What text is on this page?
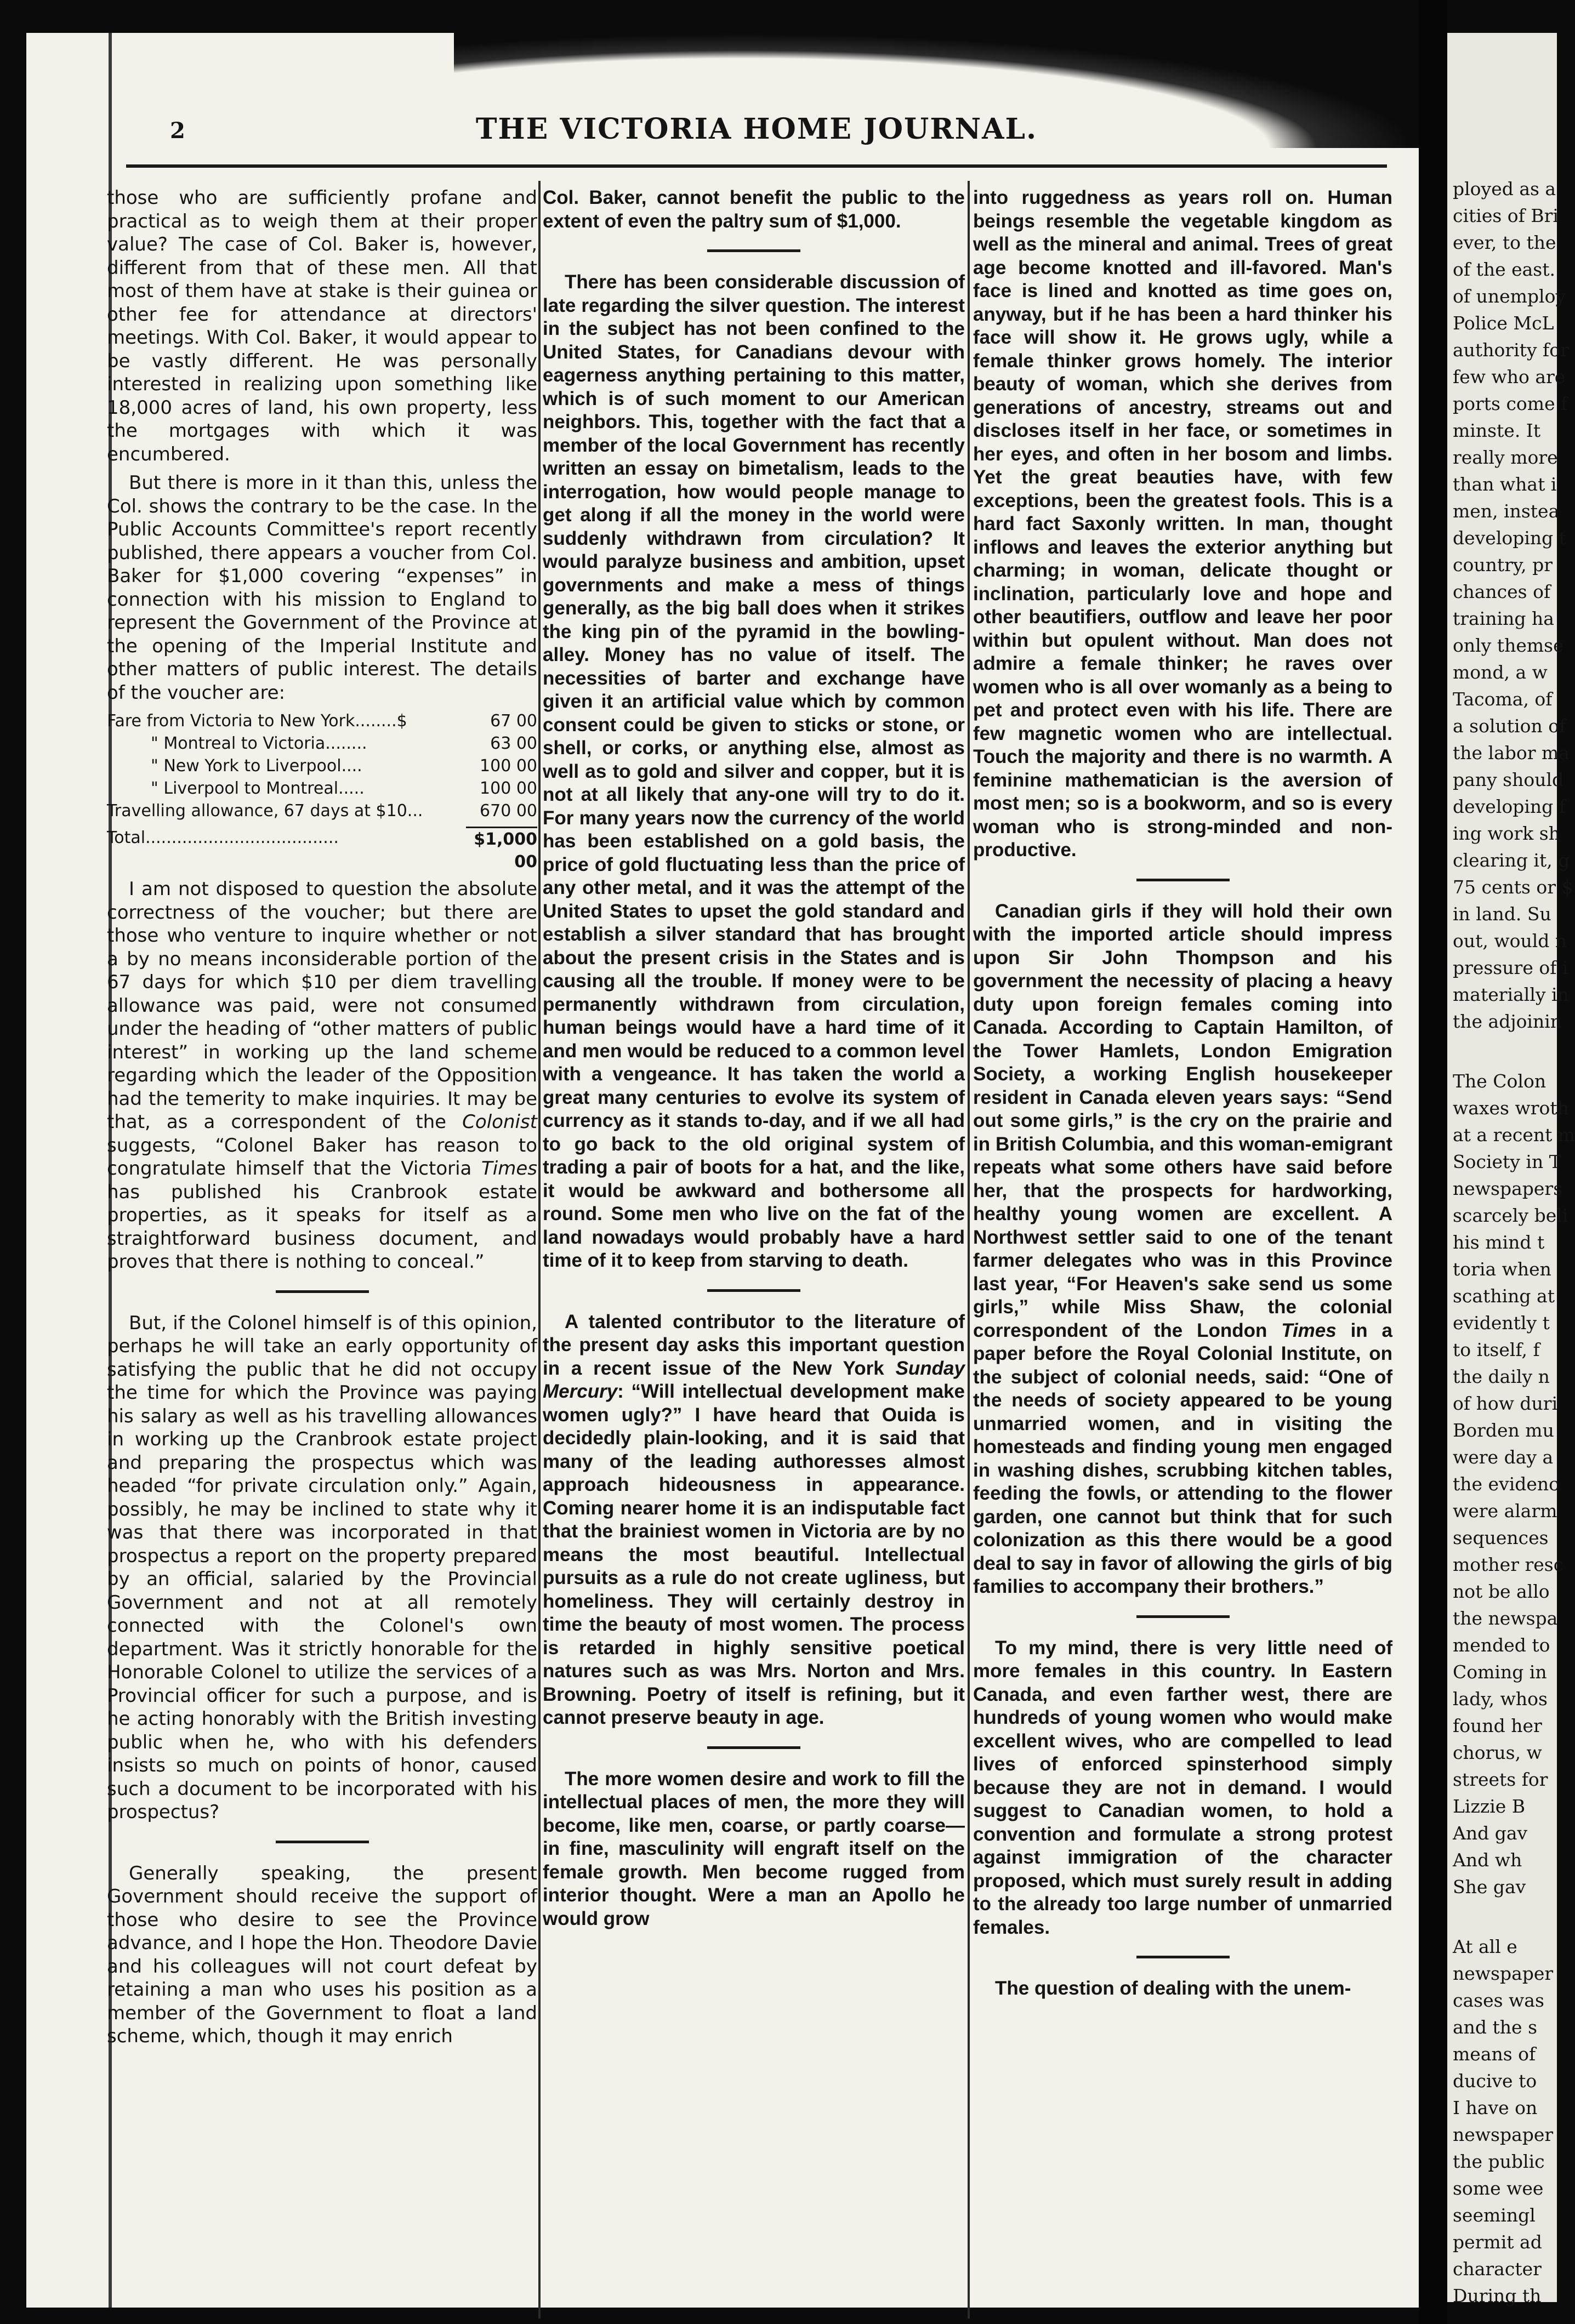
2	THE VICTORIA HOME JOURNAL.

those who are sufficiently profane and practical as to weigh them at their proper value? The case of Col. Baker is, however, different from that of these men. All that most of them have at stake is their guinea or other fee for attendance at directors' meetings. With Col. Baker, it would appear to be vastly different. He was personally interested in realizing upon something like 18,000 acres of land, his own property, less the mortgages with which it was encumbered.

But there is more in it than this, unless the Col. shows the contrary to be the case. In the Public Accounts Committee's report recently published, there appears a voucher from Col. Baker for $1,000 covering “expenses” in connection with his mission to England to represent the Government of the Province at the opening of the Imperial Institute and other matters of public interest. The details of the voucher are:

Fare from Victoria to New York........$	67 00
" Montreal to Victoria........	63 00
" New York to Liverpool....	100 00
" Liverpool to Montreal.....	100 00
Travelling allowance, 67 days at $10...	670 00
Total.....................................	$1,000 00

I am not disposed to question the absolute correctness of the voucher; but there are those who venture to inquire whether or not a by no means inconsiderable portion of the 67 days for which $10 per diem travelling allowance was paid, were not consumed under the heading of “other matters of public interest” in working up the land scheme regarding which the leader of the Opposition had the temerity to make inquiries. It may be that, as a correspondent of the Colonist suggests, “Colonel Baker has reason to congratulate himself that the Victoria Times has published his Cranbrook estate properties, as it speaks for itself as a straightforward business document, and proves that there is nothing to conceal.”

But, if the Colonel himself is of this opinion, perhaps he will take an early opportunity of satisfying the public that he did not occupy the time for which the Province was paying his salary as well as his travelling allowances in working up the Cranbrook estate project and preparing the prospectus which was headed “for private circulation only.” Again, possibly, he may be inclined to state why it was that there was incorporated in that prospectus a report on the property prepared by an official, salaried by the Provincial Government and not at all remotely connected with the Colonel's own department. Was it strictly honorable for the Honorable Colonel to utilize the services of a Provincial officer for such a purpose, and is he acting honorably with the British investing public when he, who with his defenders insists so much on points of honor, caused such a document to be incorporated with his prospectus?

Generally speaking, the present Government should receive the support of those who desire to see the Province advance, and I hope the Hon. Theodore Davie and his colleagues will not court defeat by retaining a man who uses his position as a member of the Government to float a land scheme, which, though it may enrich

Col. Baker, cannot benefit the public to the extent of even the paltry sum of $1,000.

There has been considerable discussion of late regarding the silver question. The interest in the subject has not been confined to the United States, for Canadians devour with eagerness anything pertaining to this matter, which is of such moment to our American neighbors. This, together with the fact that a member of the local Government has recently written an essay on bimetalism, leads to the interrogation, how would people manage to get along if all the money in the world were suddenly withdrawn from circulation? It would paralyze business and ambition, upset governments and make a mess of things generally, as the big ball does when it strikes the king pin of the pyramid in the bowling-alley. Money has no value of itself. The necessities of barter and exchange have given it an artificial value which by common consent could be given to sticks or stone, or shell, or corks, or anything else, almost as well as to gold and silver and copper, but it is not at all likely that any-one will try to do it. For many years now the currency of the world has been established on a gold basis, the price of gold fluctuating less than the price of any other metal, and it was the attempt of the United States to upset the gold standard and establish a silver standard that has brought about the present crisis in the States and is causing all the trouble. If money were to be permanently withdrawn from circulation, human beings would have a hard time of it and men would be reduced to a common level with a vengeance. It has taken the world a great many centuries to evolve its system of currency as it stands to-day, and if we all had to go back to the old original system of trading a pair of boots for a hat, and the like, it would be awkward and bothersome all round. Some men who live on the fat of the land nowadays would probably have a hard time of it to keep from starving to death.

A talented contributor to the literature of the present day asks this important question in a recent issue of the New York Sunday Mercury: “Will intellectual development make women ugly?” I have heard that Ouida is decidedly plain-looking, and it is said that many of the leading authoresses almost approach hideousness in appearance. Coming nearer home it is an indisputable fact that the brainiest women in Victoria are by no means the most beautiful. Intellectual pursuits as a rule do not create ugliness, but homeliness. They will certainly destroy in time the beauty of most women. The process is retarded in highly sensitive poetical natures such as was Mrs. Norton and Mrs. Browning. Poetry of itself is refining, but it cannot preserve beauty in age.

The more women desire and work to fill the intellectual places of men, the more they will become, like men, coarse, or partly coarse—in fine, masculinity will engraft itself on the female growth. Men become rugged from interior thought. Were a man an Apollo he would grow

into ruggedness as years roll on. Human beings resemble the vegetable kingdom as well as the mineral and animal. Trees of great age become knotted and ill-favored. Man's face is lined and knotted as time goes on, anyway, but if he has been a hard thinker his face will show it. He grows ugly, while a female thinker grows homely. The interior beauty of woman, which she derives from generations of ancestry, streams out and discloses itself in her face, or sometimes in her eyes, and often in her bosom and limbs. Yet the great beauties have, with few exceptions, been the greatest fools. This is a hard fact Saxonly written. In man, thought inflows and leaves the exterior anything but charming; in woman, delicate thought or inclination, particularly love and hope and other beautifiers, outflow and leave her poor within but opulent without. Man does not admire a female thinker; he raves over women who is all over womanly as a being to pet and protect even with his life. There are few magnetic women who are intellectual. Touch the majority and there is no warmth. A feminine mathematician is the aversion of most men; so is a bookworm, and so is every woman who is strong-minded and non-productive.

Canadian girls if they will hold their own with the imported article should impress upon Sir John Thompson and his government the necessity of placing a heavy duty upon foreign females coming into Canada. According to Captain Hamilton, of the Tower Hamlets, London Emigration Society, a working English housekeeper resident in Canada eleven years says: “Send out some girls,” is the cry on the prairie and in British Columbia, and this woman-emigrant repeats what some others have said before her, that the prospects for hardworking, healthy young women are excellent. A Northwest settler said to one of the tenant farmer delegates who was in this Province last year, “For Heaven's sake send us some girls,” while Miss Shaw, the colonial correspondent of the London Times in a paper before the Royal Colonial Institute, on the subject of colonial needs, said: “One of the needs of society appeared to be young unmarried women, and in visiting the homesteads and finding young men engaged in washing dishes, scrubbing kitchen tables, feeding the fowls, or attending to the flower garden, one cannot but think that for such colonization as this there would be a good deal to say in favor of allowing the girls of big families to accompany their brothers.”

To my mind, there is very little need of more females in this country. In Eastern Canada, and even farther west, there are hundreds of young women who would make excellent wives, who are compelled to lead lives of enforced spinsterhood simply because they are not in demand. I would suggest to Canadian women, to hold a convention and formulate a strong protest against immigration of the character proposed, which must surely result in adding to the already too large number of unmarried females.

The question of dealing with the unem-

ployed as a
cities of Bri
ever, to the
of the east.
of unemploy
Police McL
authority for
few who are
ports come f
minste. It
really more
than what i
men, instea
developing t
country, pr
chances of
training ha
only themse
mond, a w
Tacoma, of
a solution of
the labor ma
pany should
developing f
ing work sh
clearing it, g
75 cents or $
in land. Su
out, would n
pressure of i
materially in
the adjoinin
The Colon
waxes wroth
at a recent m
Society in T
newspapers
scarcely beli
his mind t
toria when
scathing at
evidently t
to itself, f
the daily n
of how duri
Borden mu
were day a
the evidenc
were alarm
sequences
mother resc
not be allo
the newspa
mended to
Coming in
lady, whos
found her
chorus, w
streets for
Lizzie B
And gav
And wh
She gav
At all e
newspaper
cases was
and the s
means of
ducive to
I have on
newspaper
the public
some wee
seemingl
permit ad
character
During th
